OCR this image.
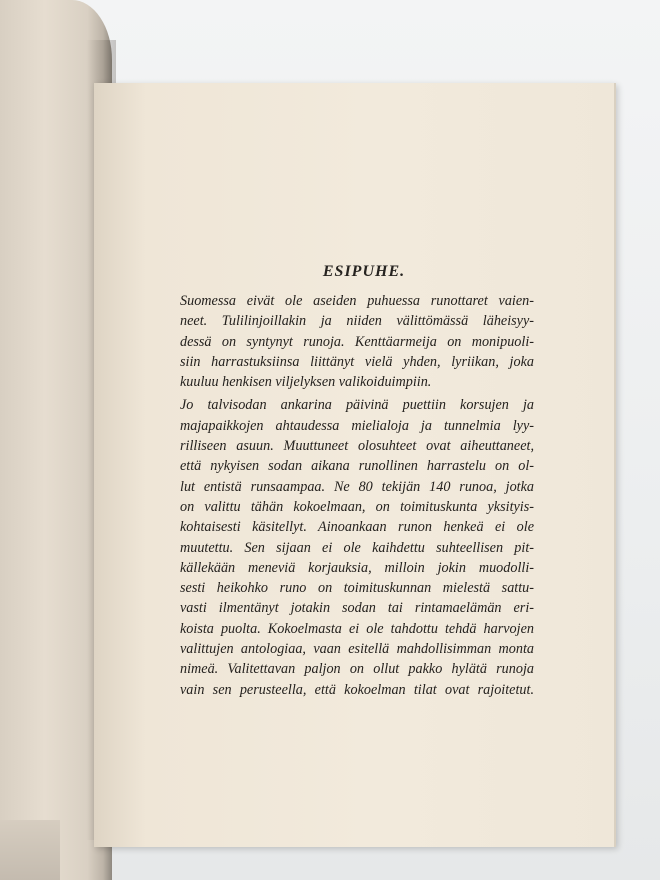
ESIPUHE.
Suomessa eivät ole aseiden puhuessa runottaret vaien-
neet. Tulilinjoillakin ja niiden välittömässä läheisyy-
dessä on syntynyt runoja. Kenttäarmeija on monipuoli-
siin harrastuksiinsa liittänyt vielä yhden, lyriikan, joka
kuuluu henkisen viljelyksen valikoiduimpiin.
Jo talvisodan ankarina päivinä puettiin korsujen ja
majapaikkojen ahtaudessa mielialoja ja tunnelmia lyy-
rilliseen asuun. Muuttuneet olosuhteet ovat aiheuttaneet,
että nykyisen sodan aikana runollinen harrastelu on ol-
lut entistä runsaampaa. Ne 80 tekijän 140 runoa, jotka
on valittu tähän kokoelmaan, on toimituskunta yksityis-
kohtaisesti käsitellyt. Ainoankaan runon henkeä ei ole
muutettu. Sen sijaan ei ole kaihdettu suhteellisen pit-
källekään meneviä korjauksia, milloin jokin muodolli-
sesti heikohko runo on toimituskunnan mielestä sattu-
vasti ilmentänyt jotakin sodan tai rintamaelämän eri-
koista puolta. Kokoelmasta ei ole tahdottu tehdä harvojen
valittujen antologiaa, vaan esitellä mahdollisimman monta
nimeä. Valitettavan paljon on ollut pakko hylätä runoja
vain sen perusteella, että kokoelman tilat ovat rajoitetut.
